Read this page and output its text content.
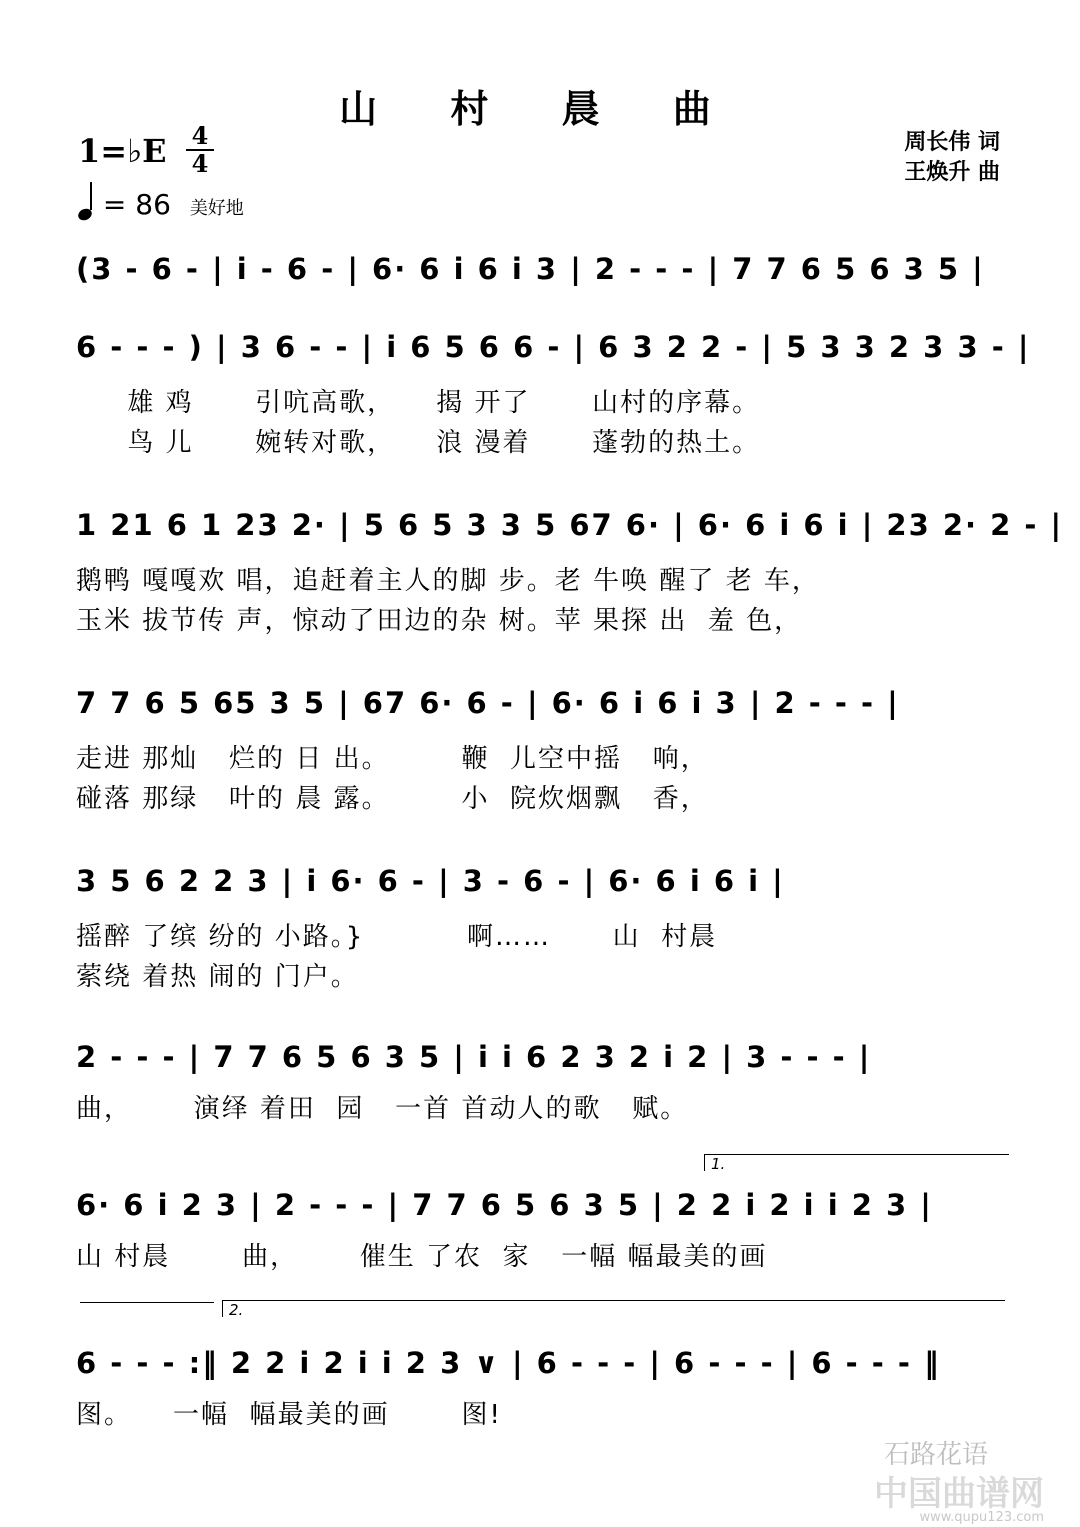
山 村 晨 曲
1=♭E 4
4
= 86 美好地
周长伟 词
王焕升 曲
(3 - 6 - | i - 6 - | 6· 6 i 6 i 3 | 2 - - - | 7 7 6 5 6 3 5 |
6 - - - ) | 3 6 - - | i 6 5 6 6 - | 6 3 2 2 - | 5 3 3 2 3 3 - |
雄 鸡      引吭高歌，    揭 开了      山村的序幕。
鸟 儿      婉转对歌，    浪 漫着      蓬勃的热土。
1 21 6 1 23 2· | 5 6 5 3 3 5 67 6· | 6· 6 i 6 i | 23 2· 2 - |
鹅鸭 嘎嘎欢 唱，追赶着主人的脚 步。老 牛唤 醒了 老 车，
玉米 拔节传 声，惊动了田边的杂 树。苹 果探 出  羞 色，
7 7 6 5 65 3 5 | 67 6· 6 - | 6· 6 i 6 i 3 | 2 - - - |
走进 那灿   烂的 日 出。       鞭  儿空中摇   响，
碰落 那绿   叶的 晨 露。       小  院炊烟飘   香，
3 5 6 2 2 3 | i 6· 6 - | 3 - 6 - | 6· 6 i 6 i |
摇醉 了缤 纷的 小路。}          啊……      山  村晨
萦绕 着热 闹的 门户。
2 - - - | 7 7 6 5 6 3 5 | i i 6 2 3 2 i 2 | 3 - - - |
曲，      演绎 着田  园   一首 首动人的歌   赋。
1.
6· 6 i 2 3 | 2 - - - | 7 7 6 5 6 3 5 | 2 2 i 2 i i 2 3 |
山 村晨       曲，      催生 了农  家   一幅 幅最美的画
2.
6 - - - :‖ 2 2 i 2 i i 2 3 ∨ | 6 - - - | 6 - - - | 6 - - - ‖
图。    一幅  幅最美的画       图!
石路花语
中国曲谱网
www.qupu123.com
